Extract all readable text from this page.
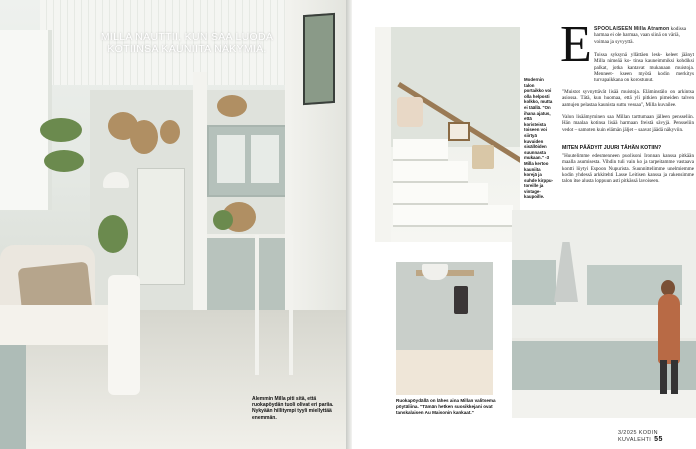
MILLA NAUTTII, KUN SAA LUODA KOTIINSA KAUNIITA NÄKYMIÄ.
Alemmin Milla piti sitä, että ruokapöydän tuoli olivat eri pariia. Nykyään hillitympi tyyli miellyttää enemmän.
Modernin talon portaikko voi olla helposti kolkko, mutta ei täällä. "On ihana ajatus, että koristeista toiseen voi siirtyä kuvuiden sisällöiden suunnasta mukaan." -3 Milla kertoo kauniita korejä ja suhde kirppu- toreille ja vintage- kaupoille.
E SPOOLAISEEN Milla Atramon kodissa harmaa ei ole harmaa, vaan siinä on väriä, voimaa ja syvyyttä.
Toissa syksynä yllättäen lesk- keleet jäänyt Milla nimeää ko- tinsa kauneimmiksi kohdiksi palkat, jotka kantavat mukanaan muistoja. Menneet- kseen myötä kodin merkitys turvapaikkana on korostunut.
"Muistot syvnyttävät lisää muistoja. Eläminstälo on arkintsa asiossa. Tätä, kun huomaa, että yli pitkien pimeiden talven aamujen pelastaa kaunista suttu vessaa", Milla kuvailee.
Valon lisäämyminen saa Millan tarttumaan jälleen pensseliin. Hän maalaa kotinsa lisää harmaan freistä sävyjä. Pensseliin vedot – samoten kuin elämän jäljet – saavat jäädä näkyviin.
MITEN PÄÄDYIT JUURI TÄHÄN KOTIIN?
"Huutelimme edesmenneen puolisoni Ironnan kanssa pitkään maalla asumisesta. Vihdin tuli vain ko ja tarpeitamme vastaava kontti löytyi Espoon Nupurista. Suunnittelimme unelmiemme kodin yhdessä arkkitehti Lasse Leitisen kanssa ja rakensimme talon itse alusta loppuun asti pitkässä lavoiseen.
Ruokapöydällä on lähes aina Millan valitsema pöytäliina. "Tämän hetken suosikkejani ovat tanskalaisen Au Maisonin kankaat."
3/2025 KODIN KUVALEHTI 55
